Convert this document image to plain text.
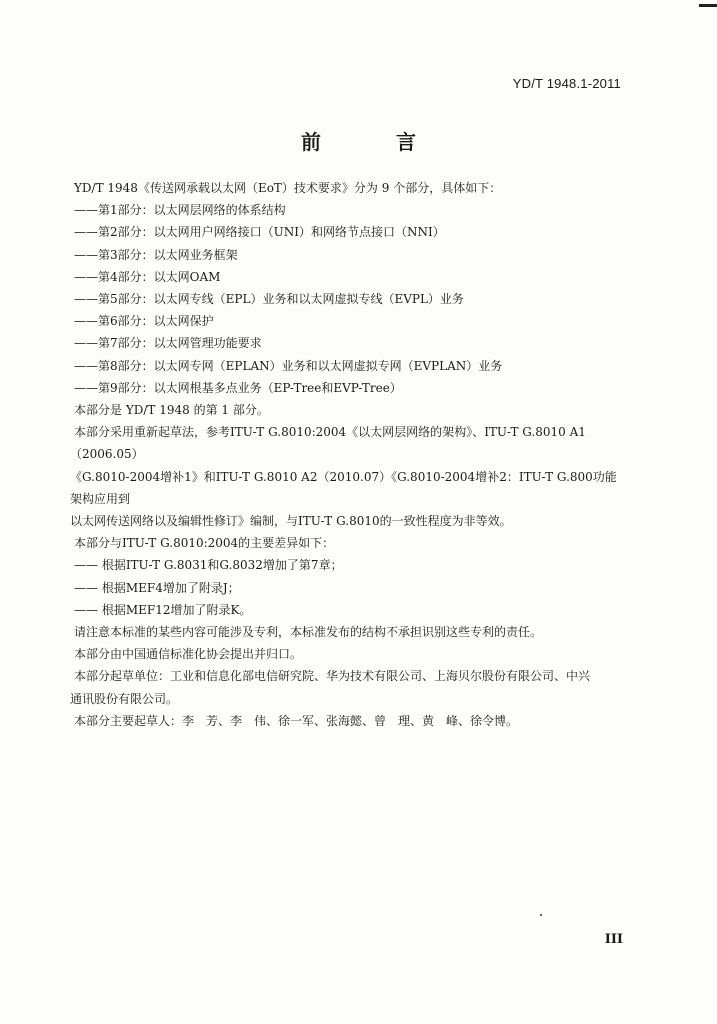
YD/T 1948.1-2011
前 言

YD/T 1948《传送网承载以太网（EoT）技术要求》分为 9 个部分，具体如下：

——第1部分：以太网层网络的体系结构

——第2部分：以太网用户网络接口（UNI）和网络节点接口（NNI）

——第3部分：以太网业务框架

——第4部分：以太网OAM

——第5部分：以太网专线（EPL）业务和以太网虚拟专线（EVPL）业务

——第6部分：以太网保护

——第7部分：以太网管理功能要求

——第8部分：以太网专网（EPLAN）业务和以太网虚拟专网（EVPLAN）业务

——第9部分：以太网根基多点业务（EP-Tree和EVP-Tree）

本部分是 YD/T 1948 的第 1 部分。

本部分采用重新起草法，参考ITU-T G.8010:2004《以太网层网络的架构》、ITU-T G.8010 A1（2006.05）

《G.8010-2004增补1》和ITU-T G.8010 A2（2010.07）《G.8010-2004增补2：ITU-T G.800功能架构应用到

以太网传送网络以及编辑性修订》编制，与ITU-T G.8010的一致性程度为非等效。

本部分与ITU-T G.8010:2004的主要差异如下：

—— 根据ITU-T G.8031和G.8032增加了第7章；

—— 根据MEF4增加了附录J；

—— 根据MEF12增加了附录K。

请注意本标准的某些内容可能涉及专利，本标准发布的结构不承担识别这些专利的责任。

本部分由中国通信标准化协会提出并归口。

本部分起草单位：工业和信息化部电信研究院、华为技术有限公司、上海贝尔股份有限公司、中兴

通讯股份有限公司。

本部分主要起草人：李　芳、李　伟、徐一军、张海懿、曾　理、黄　峰、徐令博。

III
